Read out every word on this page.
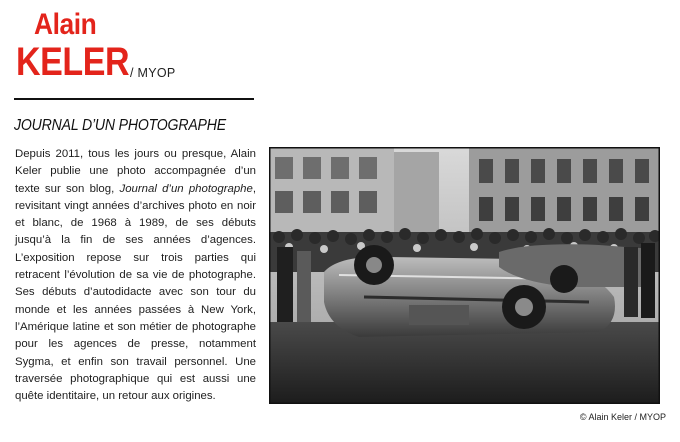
Alain
KELER / MYOP
JOURNAL D’UN PHOTOGRAPHE
Depuis 2011, tous les jours ou presque, Alain Keler publie une photo accompagnée d’un texte sur son blog, Journal d’un photographe, revisitant vingt années d’archives photo en noir et blanc, de 1968 à 1989, de ses débuts jusqu’à la fin de ses années d’agences. L’exposition repose sur trois parties qui retracent l’évolution de sa vie de photographe. Ses débuts d’autodidacte avec son tour du monde et les années passées à New York, l’Amérique latine et son métier de photographe pour les agences de presse, notamment Sygma, et enfin son travail personnel. Une traversée photographique qui est aussi une quête identitaire, un retour aux origines.
© Alain Keler / MYOP
